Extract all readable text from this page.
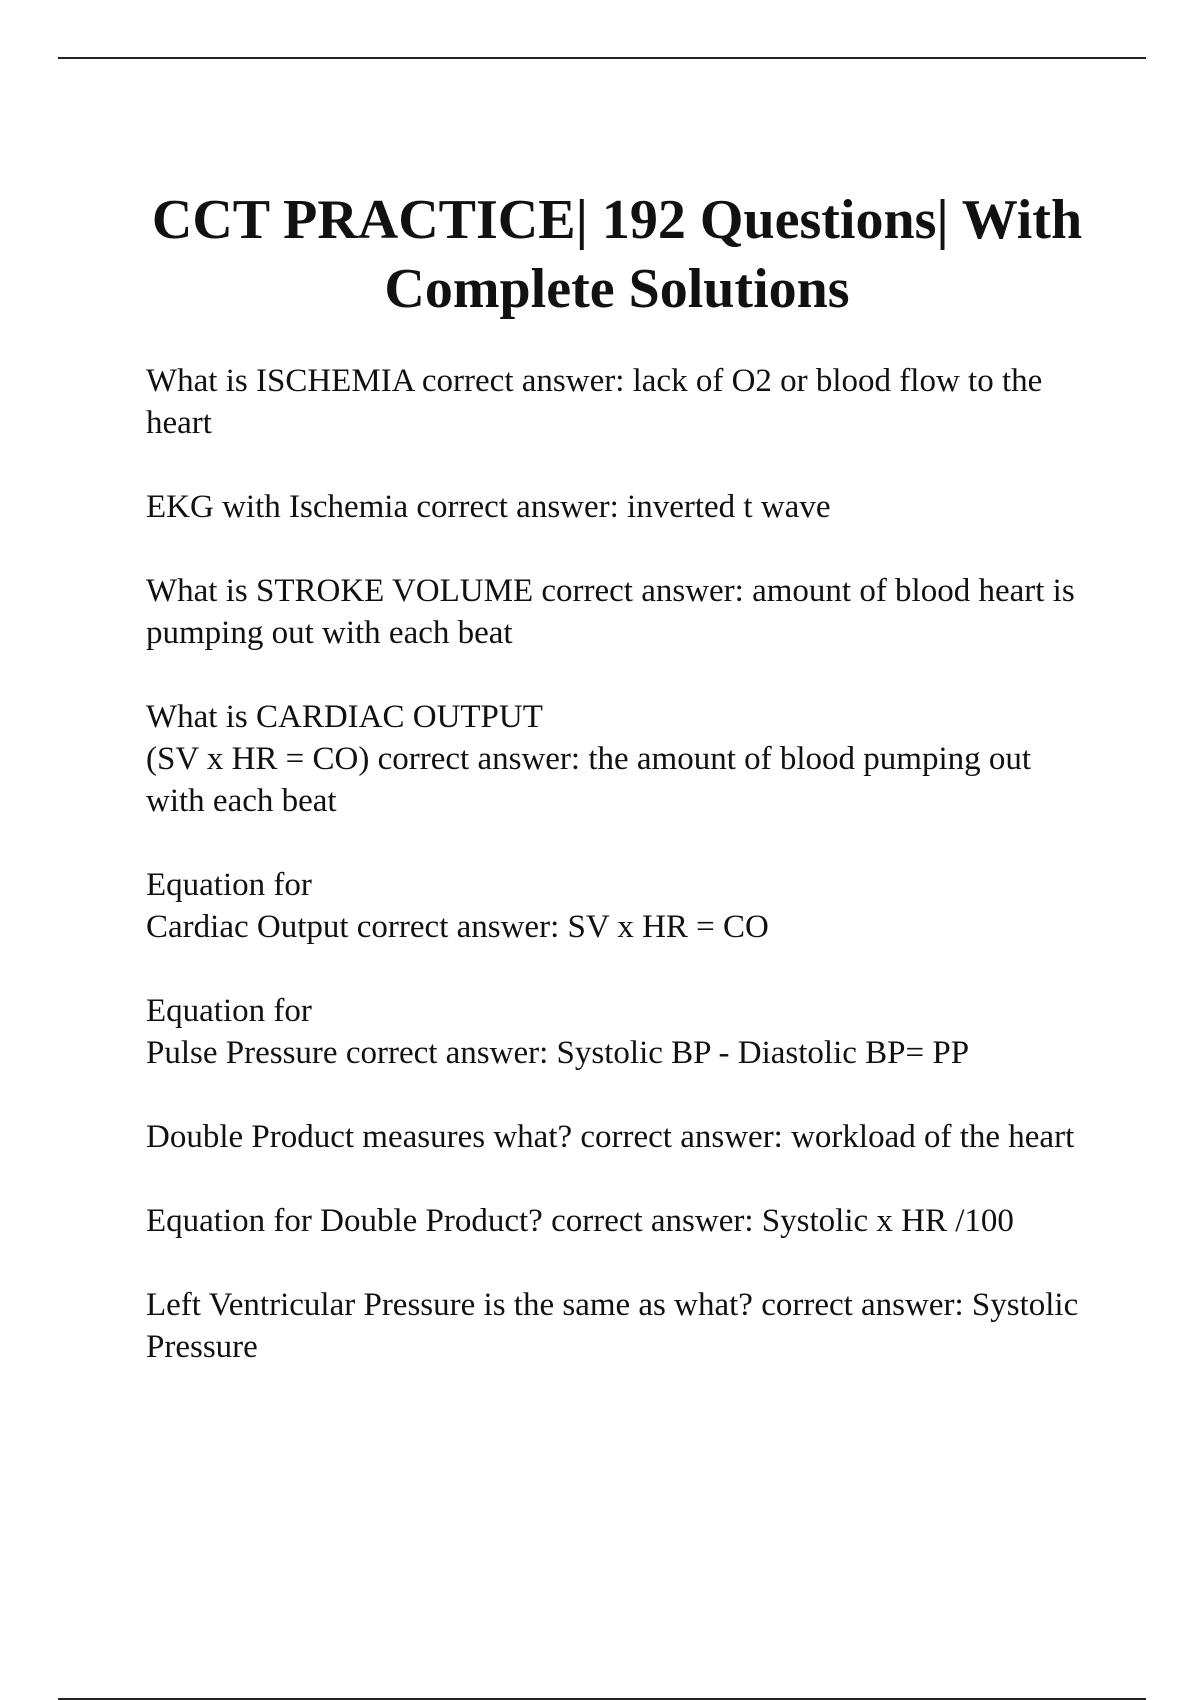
CCT PRACTICE| 192 Questions| With Complete Solutions
What is ISCHEMIA correct answer: lack of O2 or blood flow to the heart
EKG with Ischemia correct answer: inverted t wave
What is STROKE VOLUME correct answer: amount of blood heart is pumping out with each beat
What is CARDIAC OUTPUT
(SV x HR = CO) correct answer: the amount of blood pumping out with each beat
Equation for
Cardiac Output correct answer: SV x HR = CO
Equation for
Pulse Pressure correct answer: Systolic BP - Diastolic BP= PP
Double Product measures what? correct answer: workload of the heart
Equation for Double Product? correct answer: Systolic x HR /100
Left Ventricular Pressure is the same as what? correct answer: Systolic Pressure
